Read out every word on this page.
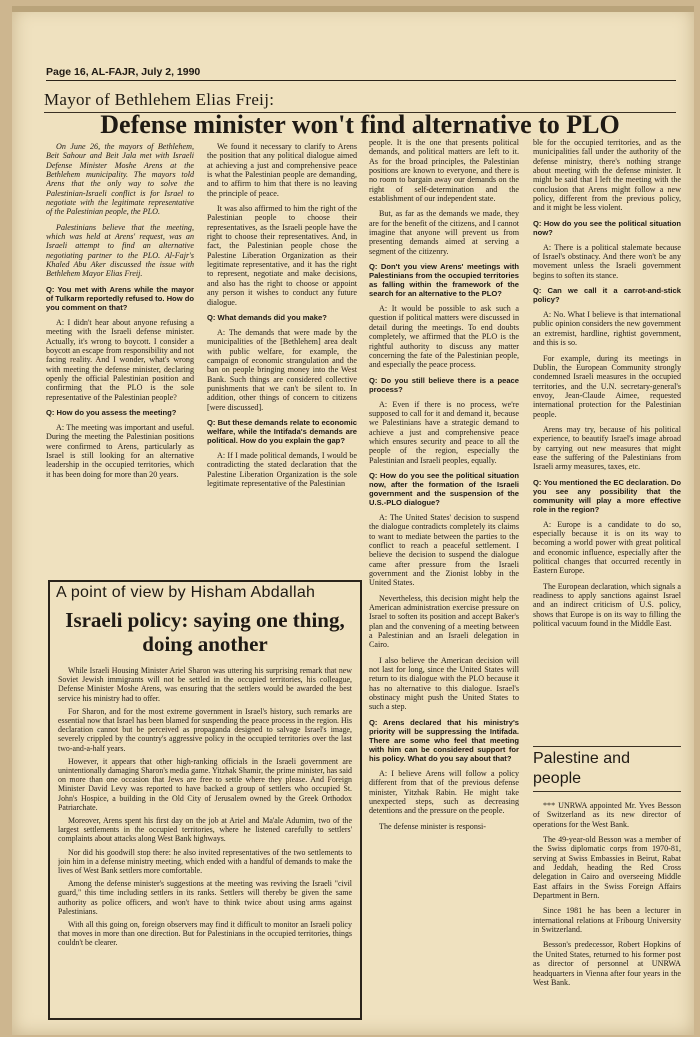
Page 16, AL-FAJR, July 2, 1990
Mayor of Bethlehem Elias Freij:
Defense minister won't find alternative to PLO

On June 26, the mayors of Bethlehem, Beit Sahour and Beit Jala met with Israeli Defense Minister Moshe Arens at the Bethlehem municipality. The mayors told Arens that the only way to solve the Palestinian-Israeli conflict is for Israel to negotiate with the legitimate representative of the Palestinian people, the PLO.

Palestinians believe that the meeting, which was held at Arens' request, was an Israeli attempt to find an alternative negotiating partner to the PLO. Al-Fajr's Khaled Abu Aker discussed the issue with Bethlehem Mayor Elias Freij.

Q: You met with Arens while the mayor of Tulkarm reportedly refused to. How do you comment on that?

A: I didn't hear about anyone refusing a meeting with the Israeli defense minister. Actually, it's wrong to boycott. I consider a boycott an escape from responsibility and not facing reality. And I wonder, what's wrong with meeting the defense minister, declaring openly the official Palestinian position and confirming that the PLO is the sole representative of the Palestinian people?

Q: How do you assess the meeting?

A: The meeting was important and useful. During the meeting the Palestinian positions were confirmed to Arens, particularly as Israel is still looking for an alternative leadership in the occupied territories, which it has been doing for more than 20 years.

We found it necessary to clarify to Arens the position that any political dialogue aimed at achieving a just and comprehensive peace is what the Palestinian people are demanding, and to affirm to him that there is no leaving the principle of peace.

It was also affirmed to him the right of the Palestinian people to choose their representatives, as the Israeli people have the right to choose their representatives. And, in fact, the Palestinian people chose the Palestine Liberation Organization as their legitimate representative, and it has the right to represent, negotiate and make decisions, and also has the right to choose or appoint any person it wishes to conduct any future dialogue.

Q: What demands did you make?

A: The demands that were made by the municipalities of the [Bethlehem] area dealt with public welfare, for example, the campaign of economic strangulation and the ban on people bringing money into the West Bank. Such things are considered collective punishments that we can't be silent to. In addition, other things of concern to citizens [were discussed].

Q: But these demands relate to economic welfare, while the Intifada's demands are political. How do you explain the gap?

A: If I made political demands, I would be contradicting the stated declaration that the Palestine Liberation Organization is the sole legitimate representative of the Palestinian

people. It is the one that presents political demands, and political matters are left to it. As for the broad principles, the Palestinian positions are known to everyone, and there is no room to bargain away our demands on the right of self-determination and the establishment of our independent state.

But, as far as the demands we made, they are for the benefit of the citizens, and I cannot imagine that anyone will prevent us from presenting demands aimed at serving a segment of the citizenry.

Q: Don't you view Arens' meetings with Palestinians from the occupied territories as falling within the framework of the search for an alternative to the PLO?

A: It would be possible to ask such a question if political matters were discussed in detail during the meetings. To end doubts completely, we affirmed that the PLO is the rightful authority to discuss any matter concerning the fate of the Palestinian people, and especially the peace process.

Q: Do you still believe there is a peace process?

A: Even if there is no process, we're supposed to call for it and demand it, because we Palestinians have a strategic demand to achieve a just and comprehensive peace which ensures security and peace to all the people of the region, especially the Palestinian and Israeli peoples, equally.

Q: How do you see the political situation now, after the formation of the Israeli government and the suspension of the U.S.-PLO dialogue?

A: The United States' decision to suspend the dialogue contradicts completely its claims to want to mediate between the parties to the conflict to reach a peaceful settlement. I believe the decision to suspend the dialogue came after pressure from the Israeli government and the Zionist lobby in the United States.

Nevertheless, this decision might help the American administration exercise pressure on Israel to soften its position and accept Baker's plan and the convening of a meeting between a Palestinian and an Israeli delegation in Cairo.

I also believe the American decision will not last for long, since the United States will return to its dialogue with the PLO because it has no alternative to this dialogue. Israel's obstinacy might push the United States to such a step.

Q: Arens declared that his ministry's priority will be suppressing the Intifada. There are some who feel that meeting with him can be considered support for his policy. What do you say about that?

A: I believe Arens will follow a policy different from that of the previous defense minister, Yitzhak Rabin. He might take unexpected steps, such as decreasing detentions and the pressure on the people.

The defense minister is responsi-

ble for the occupied territories, and as the municipalities fall under the authority of the defense ministry, there's nothing strange about meeting with the defense minister. It might be said that I left the meeting with the conclusion that Arens might follow a new policy, different from the previous policy, and it might be less violent.

Q: How do you see the political situation now?

A: There is a political stalemate because of Israel's obstinacy. And there won't be any movement unless the Israeli government begins to soften its stance.

Q: Can we call it a carrot-and-stick policy?

A: No. What I believe is that international public opinion considers the new government an extremist, hardline, rightist government, and this is so.

For example, during its meetings in Dublin, the European Community strongly condemned Israeli measures in the occupied territories, and the U.N. secretary-general's envoy, Jean-Claude Aimee, requested international protection for the Palestinian people.

Arens may try, because of his political experience, to beautify Israel's image abroad by carrying out new measures that might ease the suffering of the Palestinians from Israeli army measures, taxes, etc.

Q: You mentioned the EC declaration. Do you see any possibility that the community will play a more effective role in the region?

A: Europe is a candidate to do so, especially because it is on its way to becoming a world power with great political and economic influence, especially after the political changes that occurred recently in Eastern Europe.

The European declaration, which signals a readiness to apply sanctions against Israel and an indirect criticism of U.S. policy, shows that Europe is on its way to filling the political vacuum found in the Middle East.

A point of view by Hisham Abdallah
Israeli policy: saying one thing, doing another

While Israeli Housing Minister Ariel Sharon was uttering his surprising remark that new Soviet Jewish immigrants will not be settled in the occupied territories, his colleague, Defense Minister Moshe Arens, was ensuring that the settlers would be awarded the best service his ministry had to offer.

For Sharon, and for the most extreme government in Israel's history, such remarks are essential now that Israel has been blamed for suspending the peace process in the region. His declaration cannot but be perceived as propaganda designed to salvage Israel's image, severely crippled by the country's aggressive policy in the occupied territories over the last two-and-a-half years.

However, it appears that other high-ranking officials in the Israeli government are unintentionally damaging Sharon's media game. Yitzhak Shamir, the prime minister, has said on more than one occasion that Jews are free to settle where they please. And Foreign Minister David Levy was reported to have backed a group of settlers who occupied St. John's Hospice, a building in the Old City of Jerusalem owned by the Greek Orthodox Patriarchate.

Moreover, Arens spent his first day on the job at Ariel and Ma'ale Adumim, two of the largest settlements in the occupied territories, where he listened carefully to settlers' complaints about attacks along West Bank highways.

Nor did his goodwill stop there: he also invited representatives of the two settlements to join him in a defense ministry meeting, which ended with a handful of demands to make the lives of West Bank settlers more comfortable.

Among the defense minister's suggestions at the meeting was reviving the Israeli "civil guard," this time including settlers in its ranks. Settlers will thereby be given the same authority as police officers, and won't have to think twice about using arms against Palestinians.

With all this going on, foreign observers may find it difficult to monitor an Israeli policy that moves in more than one direction. But for Palestinians in the occupied territories, things couldn't be clearer.

Palestine and people

*** UNRWA appointed Mr. Yves Besson of Switzerland as its new director of operations for the West Bank.

The 49-year-old Besson was a member of the Swiss diplomatic corps from 1970-81, serving at Swiss Embassies in Beirut, Rabat and Jeddah, heading the Red Cross delegation in Cairo and overseeing Middle East affairs in the Swiss Foreign Affairs Department in Bern.

Since 1981 he has been a lecturer in international relations at Fribourg University in Switzerland.

Besson's predecessor, Robert Hopkins of the United States, returned to his former post as director of personnel at UNRWA headquarters in Vienna after four years in the West Bank.
